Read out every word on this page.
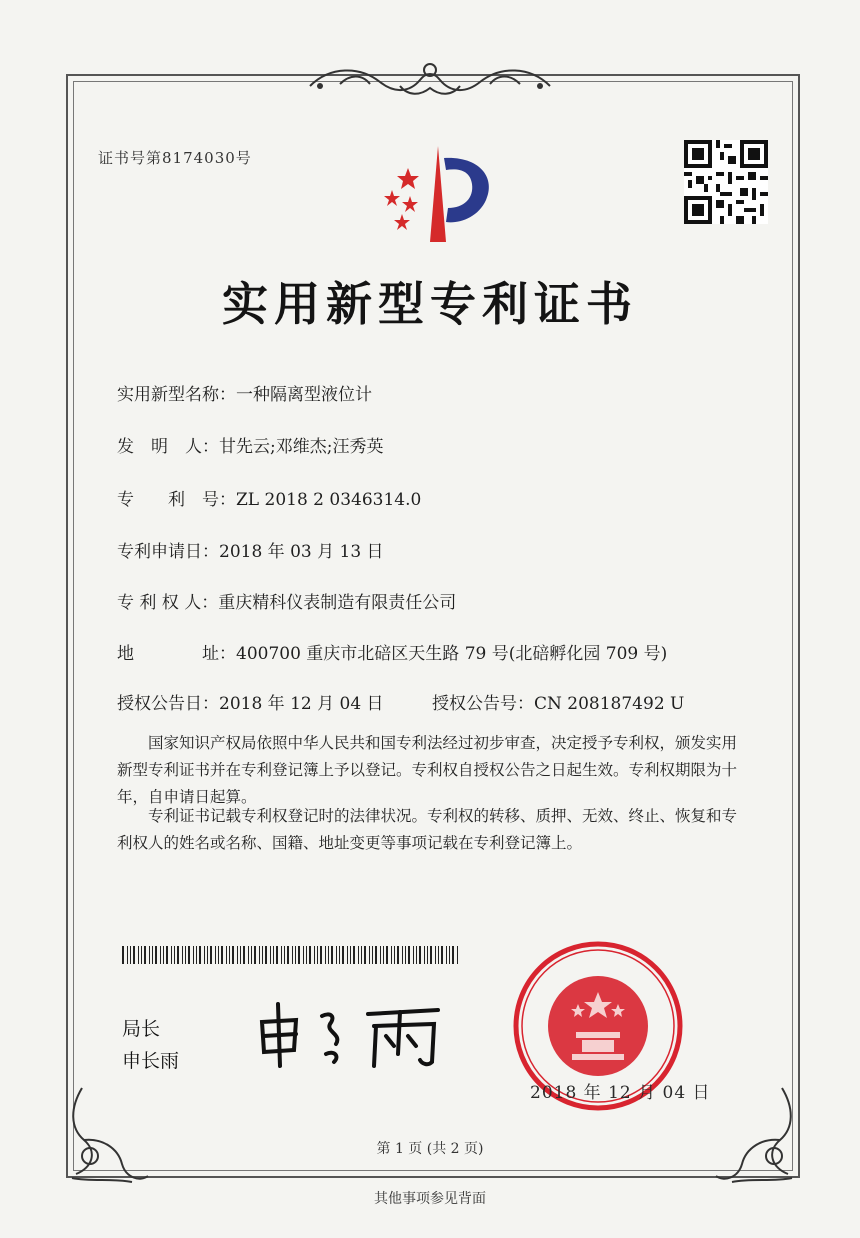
证书号第8174030号
实用新型专利证书
实用新型名称：一种隔离型液位计
发　明　人：甘先云;邓维杰;汪秀英
专　　利　号：ZL 2018 2 0346314.0
专利申请日：2018 年 03 月 13 日
专 利 权 人：重庆精科仪表制造有限责任公司
地　　　　址：400700 重庆市北碚区天生路 79 号(北碚孵化园 709 号)
授权公告日：2018 年 12 月 04 日	授权公告号：CN 208187492 U
　　国家知识产权局依照中华人民共和国专利法经过初步审查，决定授予专利权，颁发实用新型专利证书并在专利登记簿上予以登记。专利权自授权公告之日起生效。专利权期限为十年，自申请日起算。
　　专利证书记载专利权登记时的法律状况。专利权的转移、质押、无效、终止、恢复和专利权人的姓名或名称、国籍、地址变更等事项记载在专利登记簿上。
局长
申长雨
2018 年 12 月 04 日
第 1 页 (共 2 页)
其他事项参见背面
